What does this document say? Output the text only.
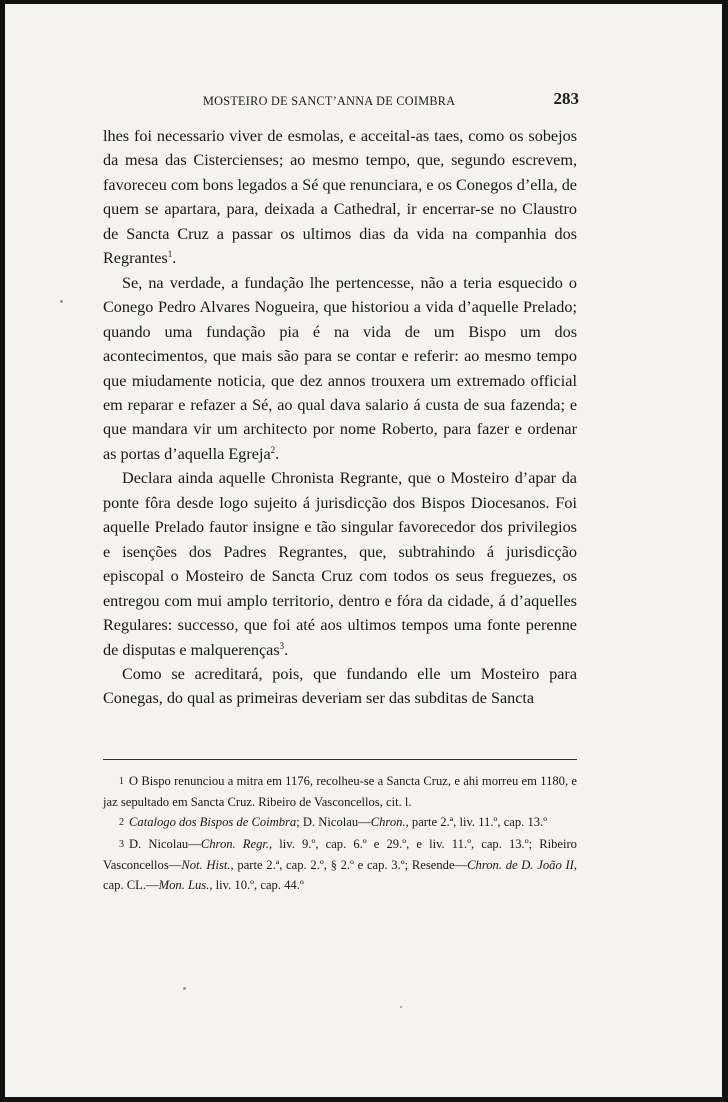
MOSTEIRO DE SANCT’ANNA DE COIMBRA	283

lhes foi necessario viver de esmolas, e acceital-as taes, como os sobejos da mesa das Cistercienses; ao mesmo tempo, que, segundo escrevem, favoreceu com bons legados a Sé que renunciara, e os Conegos d’ella, de quem se apartara, para, deixada a Cathedral, ir encerrar-se no Claustro de Sancta Cruz a passar os ultimos dias da vida na companhia dos Regrantes$^1$.

Se, na verdade, a fundação lhe pertencesse, não a teria esquecido o Conego Pedro Alvares Nogueira, que historiou a vida d’aquelle Prelado; quando uma fundação pia é na vida de um Bispo um dos acontecimentos, que mais são para se contar e referir: ao mesmo tempo que miudamente noticia, que dez annos trouxera um extremado official em reparar e refazer a Sé, ao qual dava salario á custa de sua fazenda; e que mandara vir um architecto por nome Roberto, para fazer e ordenar as portas d’aquella Egreja$^2$.

Declara ainda aquelle Chronista Regrante, que o Mosteiro d’apar da ponte fôra desde logo sujeito á jurisdicção dos Bispos Diocesanos. Foi aquelle Prelado fautor insigne e tão singular favorecedor dos privilegios e isenções dos Padres Regrantes, que, subtrahindo á jurisdicção episcopal o Mosteiro de Sancta Cruz com todos os seus freguezes, os entregou com mui amplo territorio, dentro e fóra da cidade, á d’aquelles Regulares: successo, que foi até aos ultimos tempos uma fonte perenne de disputas e malquerenças$^3$.

Como se acreditará, pois, que fundando elle um Mosteiro para Conegas, do qual as primeiras deveriam ser das subditas de Sancta

1 O Bispo renunciou a mitra em 1176, recolheu-se a Sancta Cruz, e ahi morreu em 1180, e jaz sepultado em Sancta Cruz. Ribeiro de Vasconcellos, cit. l.

2 Catalogo dos Bispos de Coimbra; D. Nicolau—Chron., parte 2.ª, liv. 11.º, cap. 13.º

3 D. Nicolau—Chron. Regr., liv. 9.º, cap. 6.º e 29.º, e liv. 11.º, cap. 13.º; Ribeiro Vasconcellos—Not. Hist., parte 2.ª, cap. 2.º, § 2.º e cap. 3.º; Resende—Chron. de D. João II, cap. CL.—Mon. Lus., liv. 10.º, cap. 44.º
